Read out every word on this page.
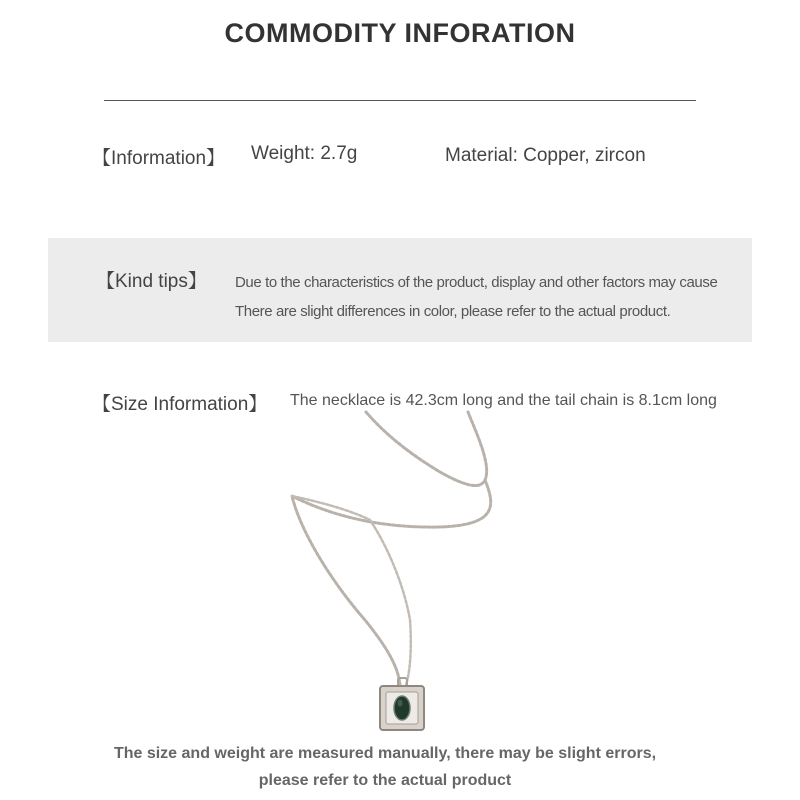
COMMODITY INFORATION
【Information】 Weight: 2.7g	Material: Copper, zircon
【Kind tips】 Due to the characteristics of the product, display and other factors may cause
There are slight differences in color, please refer to the actual product.
【Size Information】 The necklace is 42.3cm long and the tail chain is 8.1cm long
The size and weight are measured manually, there may be slight errors,
please refer to the actual product
